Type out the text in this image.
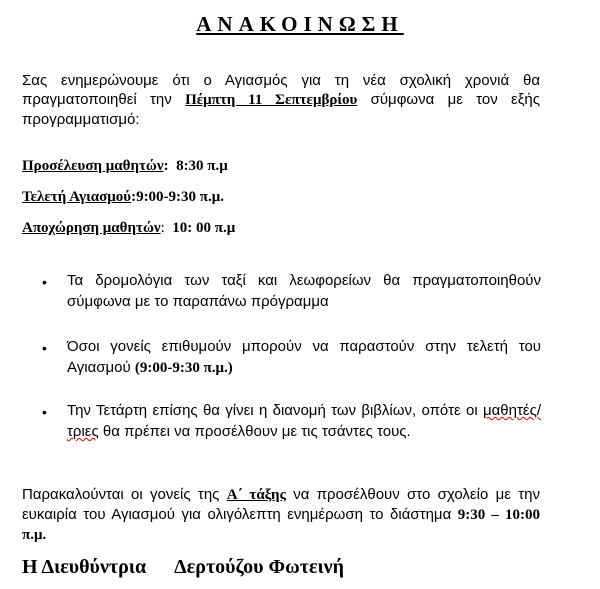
ΑΝΑΚΟΙΝΩΣΗ
Σας ενημερώνουμε ότι ο Αγιασμός για τη νέα σχολική χρονιά θα πραγματοποιηθεί την Πέμπτη 11 Σεπτεμβρίου σύμφωνα με τον εξής προγραμματισμό:
Προσέλευση μαθητών: 8:30 π.μ
Τελετή Αγιασμού:9:00-9:30 π.μ.
Αποχώρηση μαθητών: 10: 00 π.μ
•	Τα δρομολόγια των ταξί και λεωφορείων θα πραγματοποιηθούν σύμφωνα με το παραπάνω πρόγραμμα
•	Όσοι γονείς επιθυμούν μπορούν να παραστούν στην τελετή του Αγιασμού (9:00-9:30 π.μ.)
•	Την Τετάρτη επίσης θα γίνει η διανομή των βιβλίων, οπότε οι μαθητές/τριες θα πρέπει να προσέλθουν με τις τσάντες τους.
Παρακαλούνται οι γονείς της Α΄ τάξης να προσέλθουν στο σχολείο με την ευκαιρία του Αγιασμού για ολιγόλεπτη ενημέρωση το διάστημα 9:30 – 10:00 π.μ.
Η Διευθύντρια Δερτούζου Φωτεινή
